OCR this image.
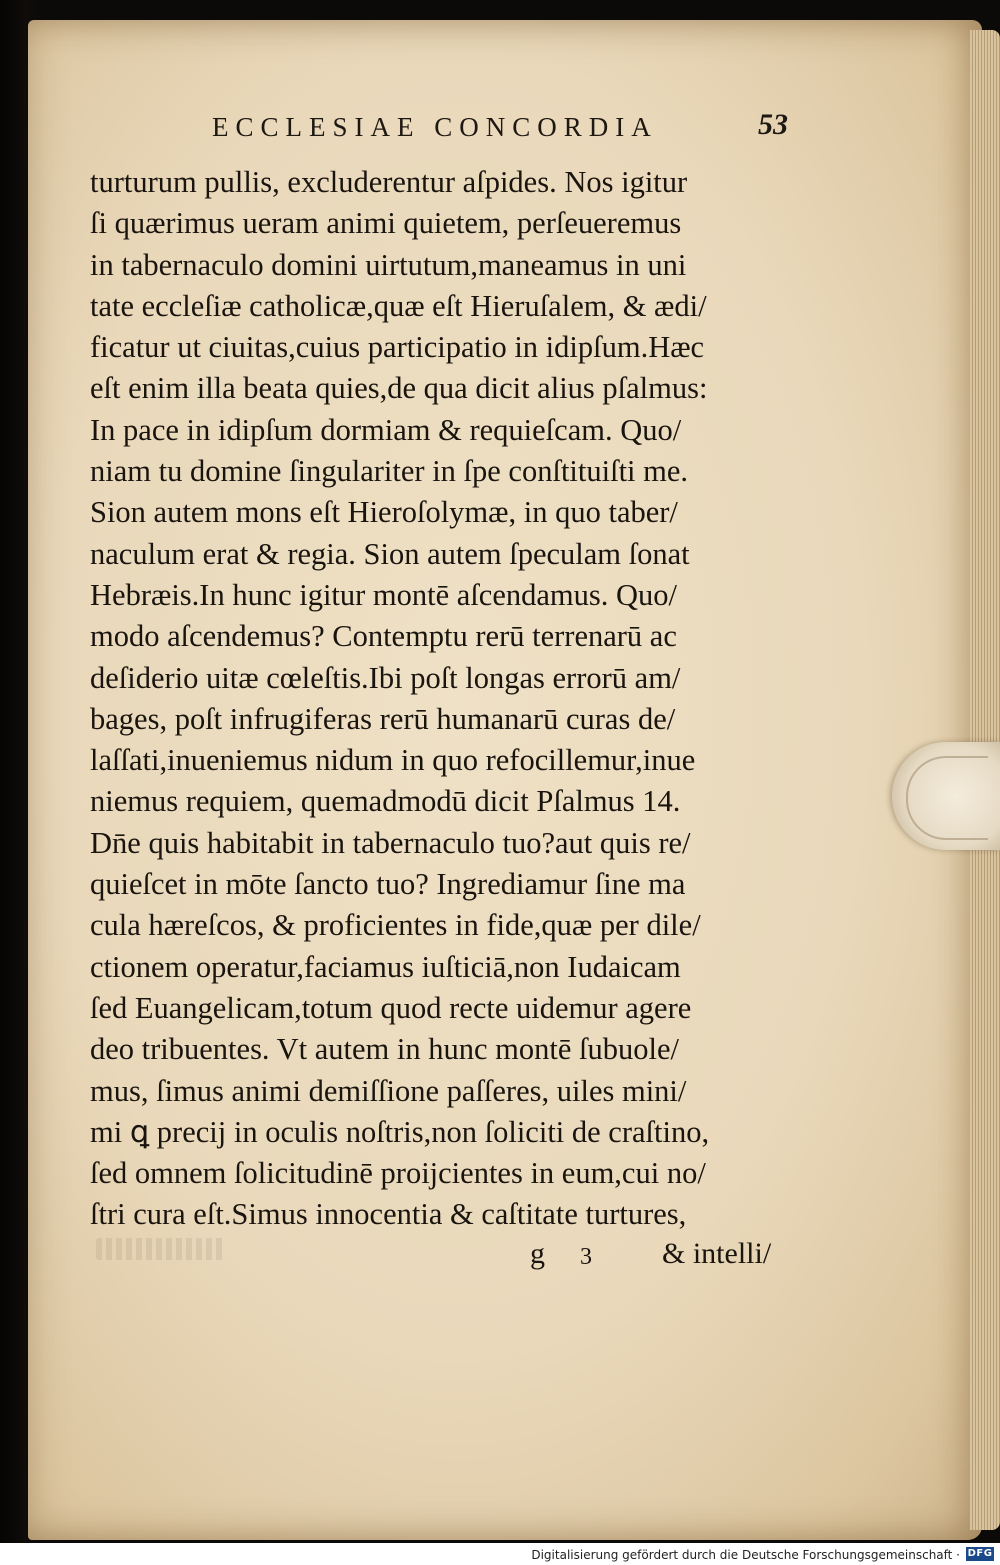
ECCLESIAE CONCORDIA	53
turturum pullis, excluderentur aſpides. Nos igitur
ſi quærimus ueram animi quietem, perſeueremus
in tabernaculo domini uirtutum,maneamus in uni
tate eccleſiæ catholicæ,quæ eſt Hieruſalem, & ædi/
ficatur ut ciuitas,cuius participatio in idipſum.Hæc
eſt enim illa beata quies,de qua dicit alius pſalmus:
In pace in idipſum dormiam & requieſcam. Quo/
niam tu domine ſingulariter in ſpe conſtituiſti me.
Sion autem mons eſt Hieroſolymæ, in quo taber/
naculum erat & regia. Sion autem ſpeculam ſonat
Hebræis.In hunc igitur montē aſcendamus. Quo/
modo aſcendemus? Contemptu rerū terrenarū ac
deſiderio uitæ cœleſtis.Ibi poſt longas errorū am/
bages, poſt infrugiferas rerū humanarū curas de/
laſſati,inueniemus nidum in quo refocillemur,inue
niemus requiem, quemadmodū dicit Pſalmus 14.
Dn̄e quis habitabit in tabernaculo tuo?aut quis re/
quieſcet in mōte ſancto tuo? Ingrediamur ſine ma
cula hæreſcos, & proficientes in fide,quæ per dile/
ctionem operatur,faciamus iuſticiā,non Iudaicam
ſed Euangelicam,totum quod recte uidemur agere
deo tribuentes. Vt autem in hunc montē ſubuole/
mus, ſimus animi demiſſione paſſeres, uiles mini/
mi ꝗ precij in oculis noſtris,non ſoliciti de craſtino,
ſed omnem ſolicitudinē proijcientes in eum,cui no/
ſtri cura eſt.Simus innocentia & caſtitate turtures,
g 3 & intelli/
Digitalisierung gefördert durch die Deutsche Forschungsgemeinschaft · DFG
